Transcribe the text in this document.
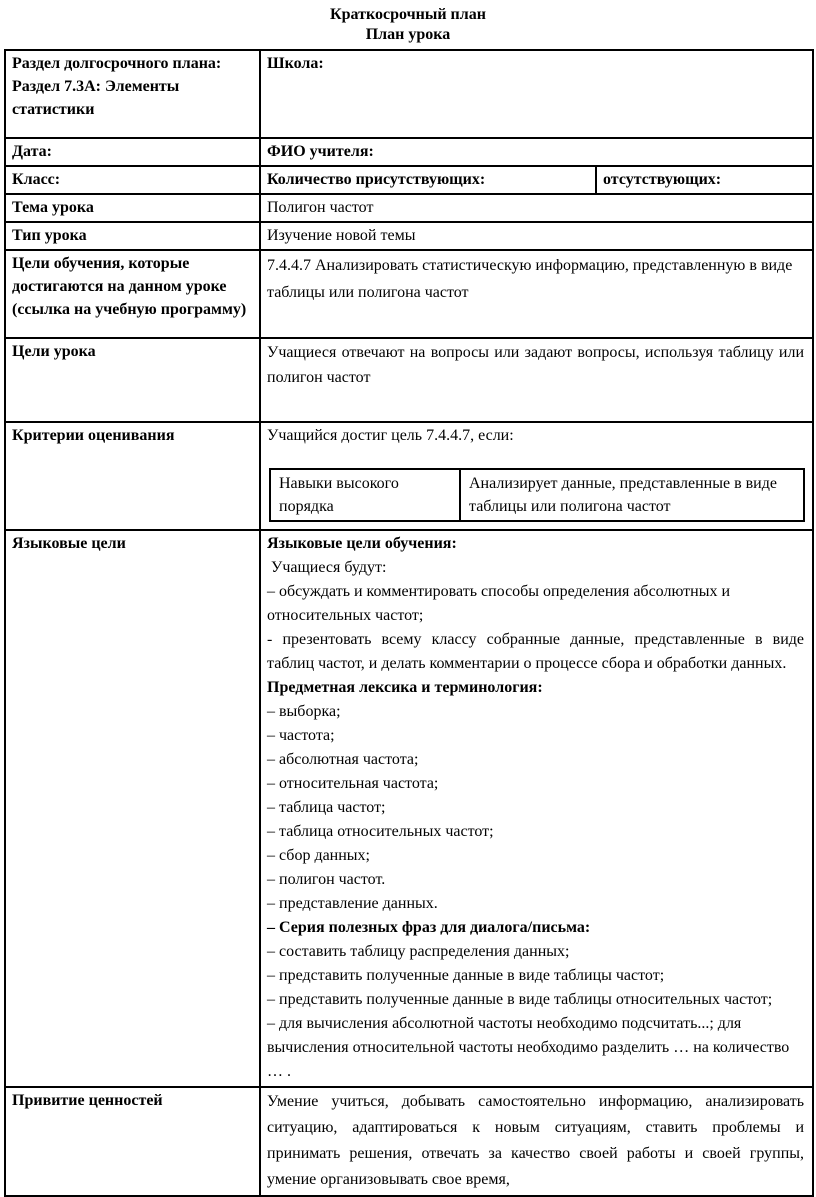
Краткосрочный план
План урока
Раздел долгосрочного плана:
Раздел 7.3А: Элементы статистики
	Школа:
Дата:	ФИО учителя:
Класс:	Количество присутствующих:	отсутствующих:
Тема урока	Полигон частот
Тип урока	Изучение новой темы
Цели обучения, которые достигаются на данном уроке (ссылка на учебную программу)	7.4.4.7 Анализировать статистическую информацию, представленную в виде таблицы или полигона частот
Цели урока	Учащиеся отвечают на вопросы или задают вопросы, используя таблицу или полигон частот
Критерии оценивания	Учащийся достиг цель 7.4.4.7, если:
Навыки высокого порядка	Анализирует данные, представленные в виде таблицы или полигона частот

Языковые цели	Языковые цели обучения:

Учащиеся будут:

– обсуждать и комментировать способы определения абсолютных и относительных частот;

- презентовать всему классу собранные данные, представленные в виде таблиц частот, и делать комментарии о процессе сбора и обработки данных.

Предметная лексика и терминология:

– выборка;

– частота;

– абсолютная частота;

– относительная частота;

– таблица частот;

– таблица относительных частот;

– сбор данных;

– полигон частот.

– представление данных.

– Серия полезных фраз для диалога/письма:

– составить таблицу распределения данных;

– представить полученные данные в виде таблицы частот;

– представить полученные данные в виде таблицы относительных частот;

– для вычисления абсолютной частоты необходимо подсчитать...; для вычисления относительной частоты необходимо разделить … на количество … .

Привитие ценностей	Умение учиться, добывать самостоятельно информацию, анализировать ситуацию, адаптироваться к новым ситуациям, ставить проблемы и принимать решения, отвечать за качество своей работы и своей группы, умение организовывать свое время,
